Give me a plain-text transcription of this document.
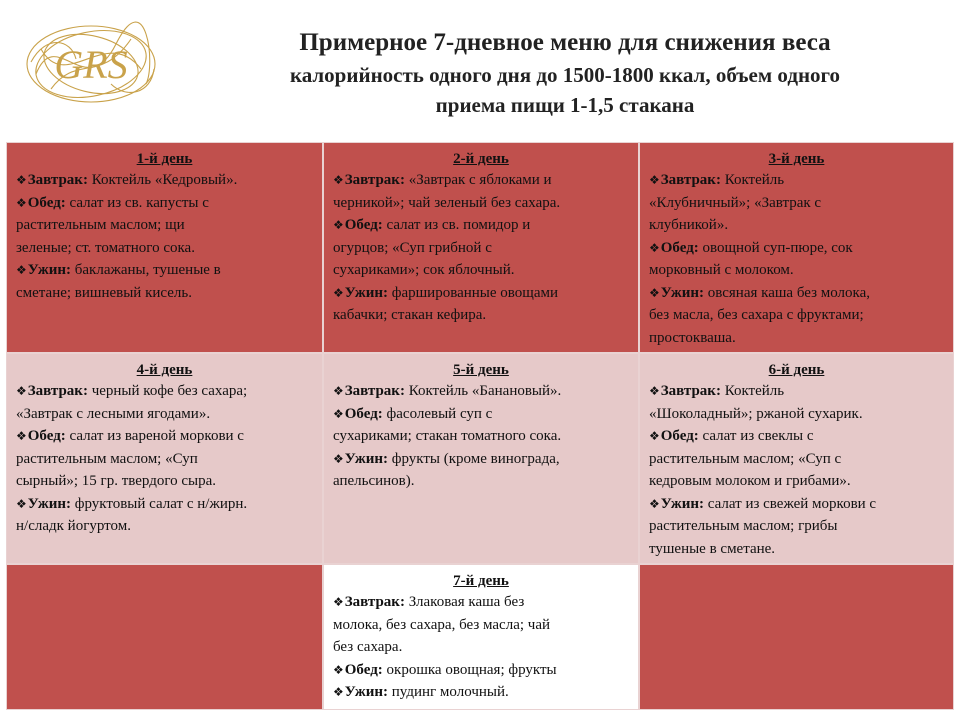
GRS	Примерное 7-дневное меню для снижения веса
калорийность одного дня до 1500-1800 ккал, объем одного
приема пищи 1-1,5 стакана
1-й день
❖Завтрак: Коктейль «Кедровый».
❖Обед: салат из св. капусты с
растительным маслом; щи
зеленые; ст. томатного сока.
❖Ужин: баклажаны, тушеные в
сметане; вишневый кисель.
2-й день
❖Завтрак: «Завтрак с яблоками и
черникой»; чай зеленый без сахара.
❖Обед: салат из св. помидор и
огурцов; «Суп грибной с
сухариками»; сок яблочный.
❖Ужин: фаршированные овощами
кабачки; стакан кефира.
3-й день
❖Завтрак: Коктейль
«Клубничный»; «Завтрак с
клубникой».
❖Обед: овощной суп-пюре, сок
морковный с молоком.
❖Ужин: овсяная каша без молока,
без масла, без сахара с фруктами;
простокваша.
4-й день
❖Завтрак: черный кофе без сахара;
«Завтрак с лесными ягодами».
❖Обед: салат из вареной моркови с
растительным маслом; «Суп
сырный»; 15 гр. твердого сыра.
❖Ужин: фруктовый салат с н/жирн.
н/сладк йогуртом.
5-й день
❖Завтрак: Коктейль «Банановый».
❖Обед: фасолевый суп с
сухариками; стакан томатного сока.
❖Ужин: фрукты (кроме винограда,
апельсинов).
6-й день
❖Завтрак: Коктейль
«Шоколадный»; ржаной сухарик.
❖Обед: салат из свеклы с
растительным маслом; «Суп с
кедровым молоком и грибами».
❖Ужин: салат из свежей моркови с
растительным маслом; грибы
тушеные в сметане.
7-й день
❖Завтрак: Злаковая каша без
молока, без сахара, без масла; чай
без сахара.
❖Обед: окрошка овощная; фрукты
❖Ужин: пудинг молочный.
